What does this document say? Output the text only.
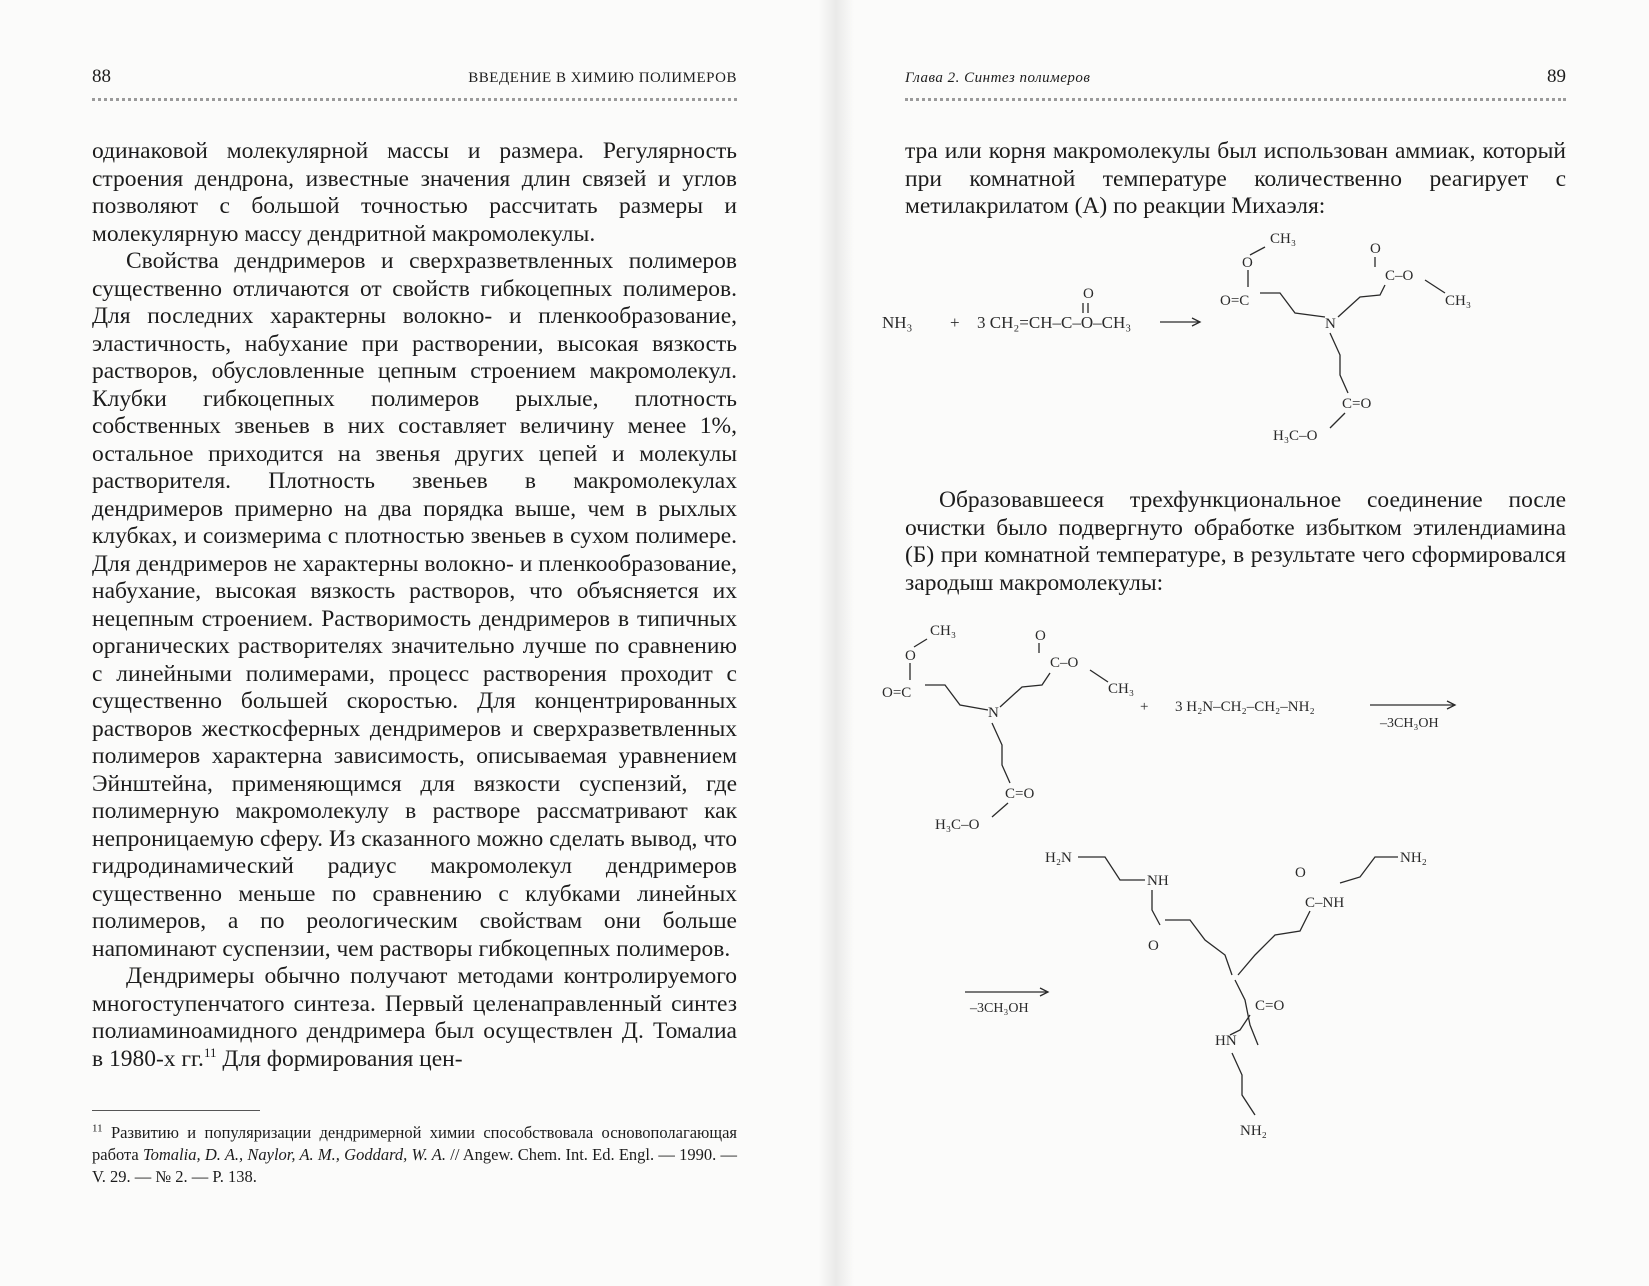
88	ВВЕДЕНИЕ В ХИМИЮ ПОЛИМЕРОВ

одинаковой молекулярной массы и размера. Регулярность строения дендрона, известные значения длин связей и углов позволяют с большой точностью рассчитать размеры и молекулярную массу дендритной макромолекулы.

Свойства дендримеров и сверхразветвленных полимеров существенно отличаются от свойств гибкоцепных полимеров. Для последних характерны волокно- и пленкообразование, эластичность, набухание при растворении, высокая вязкость растворов, обусловленные цепным строением макромолекул. Клубки гибкоцепных полимеров рыхлые, плотность собственных звеньев в них составляет величину менее 1%, остальное приходится на звенья других цепей и молекулы растворителя. Плотность звеньев в макромолекулах дендримеров примерно на два порядка выше, чем в рыхлых клубках, и соизмерима с плотностью звеньев в сухом полимере. Для дендримеров не характерны волокно- и пленкообразование, набухание, высокая вязкость растворов, что объясняется их нецепным строением. Растворимость дендримеров в типичных органических растворителях значительно лучше по сравнению с линейными полимерами, процесс растворения проходит с существенно большей скоростью. Для концентрированных растворов жесткосферных дендримеров и сверхразветвленных полимеров характерна зависимость, описываемая уравнением Эйнштейна, применяющимся для вязкости суспензий, где полимерную макромолекулу в растворе рассматривают как непроницаемую сферу. Из сказанного можно сделать вывод, что гидродинамический радиус макромолекул дендримеров существенно меньше по сравнению с клубками линейных полимеров, а по реологическим свойствам они больше напоминают суспензии, чем растворы гибкоцепных полимеров.

Дендримеры обычно получают методами контролируемого многоступенчатого синтеза. Первый целенаправленный синтез полиаминоамидного дендримера был осуществлен Д. Томалиа в 1980-х гг.$^{11}$ Для формирования цен-

$^{11}$ Развитию и популяризации дендримерной химии способствовала основополагающая работа Tomalia, D. A., Naylor, A. M., Goddard, W. A. // Angew. Chem. Int. Ed. Engl. — 1990. — V. 29. — № 2. — P. 138.
Глава 2. Синтез полимеров	89

тра или корня макромолекулы был использован аммиак, который при комнатной температуре количественно реагирует с метилакрилатом (А) по реакции Михаэля:

NH₃ + 3 CH₂=CH–C–O–CH₃
O
CH₃
O
O=C
O
C–O
CH₃
N
C=O
H₃C–O

Образовавшееся трехфункциональное соединение после очистки было подвергнуто обработке избытком этилендиамина (Б) при комнатной температуре, в результате чего сформировался зародыш макромолекулы:

CH₃
O
O=C
O
C–O
CH₃
N
C=O
H₃C–O
+ 3 H₂N–CH₂–CH₂–NH₂
–3CH₃OH
H₂N
NH
O
NH₂
O
C–NH
–3CH₃OH	C=O
HN
NH₂
